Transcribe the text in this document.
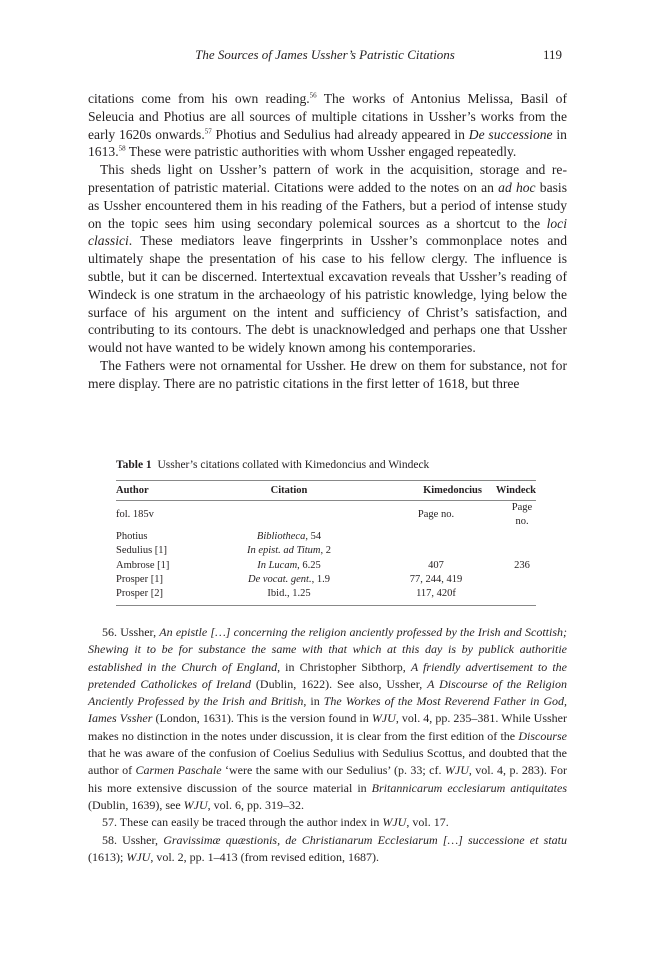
The Sources of James Ussher’s Patristic Citations	119

citations come from his own reading.$^{56}$ The works of Antonius Melissa, Basil of Seleucia and Photius are all sources of multiple citations in Ussher’s works from the early 1620s onwards.$^{57}$ Photius and Sedulius had already appeared in De successione in 1613.58 These were patristic authorities with whom Ussher engaged repeatedly.

This sheds light on Ussher’s pattern of work in the acquisition, storage and re-presentation of patristic material. Citations were added to the notes on an ad hoc basis as Ussher encountered them in his reading of the Fathers, but a period of intense study on the topic sees him using secondary polemical sources as a shortcut to the loci classici. These mediators leave fingerprints in Ussher’s commonplace notes and ultimately shape the presentation of his case to his fellow clergy. The influence is subtle, but it can be discerned. Intertextual excavation reveals that Ussher’s reading of Windeck is one stratum in the archaeology of his patristic knowledge, lying below the surface of his argument on the intent and sufficiency of Christ’s satisfaction, and contributing to its contours. The debt is unacknowledged and perhaps one that Ussher would not have wanted to be widely known among his contemporaries.

The Fathers were not ornamental for Ussher. He drew on them for substance, not for mere display. There are no patristic citations in the first letter of 1618, but three

Table 1 Ussher’s citations collated with Kimedoncius and Windeck
Author	Citation	Kimedoncius	Windeck
fol. 185v		Page no.	Page no.
Photius	Bibliotheca, 54		
Sedulius [1]	In epist. ad Titum, 2		
Ambrose [1]	In Lucam, 6.25	407	236
Prosper [1]	De vocat. gent., 1.9	77, 244, 419	
Prosper [2]	Ibid., 1.25	117, 420f	

56. Ussher, An epistle […] concerning the religion anciently professed by the Irish and Scottish; Shewing it to be for substance the same with that which at this day is by publick authoritie established in the Church of England, in Christopher Sibthorp, A friendly advertisement to the pretended Catholickes of Ireland (Dublin, 1622). See also, Ussher, A Discourse of the Religion Anciently Professed by the Irish and British, in The Workes of the Most Reverend Father in God, Iames Vssher (London, 1631). This is the version found in WJU, vol. 4, pp. 235–381. While Ussher makes no distinction in the notes under discussion, it is clear from the first edition of the Discourse that he was aware of the confusion of Coelius Sedulius with Sedulius Scottus, and doubted that the author of Carmen Paschale ‘were the same with our Sedulius’ (p. 33; cf. WJU, vol. 4, p. 283). For his more extensive discussion of the source material in Britannicarum ecclesiarum antiquitates (Dublin, 1639), see WJU, vol. 6, pp. 319–32.

57. These can easily be traced through the author index in WJU, vol. 17.

58. Ussher, Gravissimæ quæstionis, de Christianarum Ecclesiarum […] successione et statu (1613); WJU, vol. 2, pp. 1–413 (from revised edition, 1687).
